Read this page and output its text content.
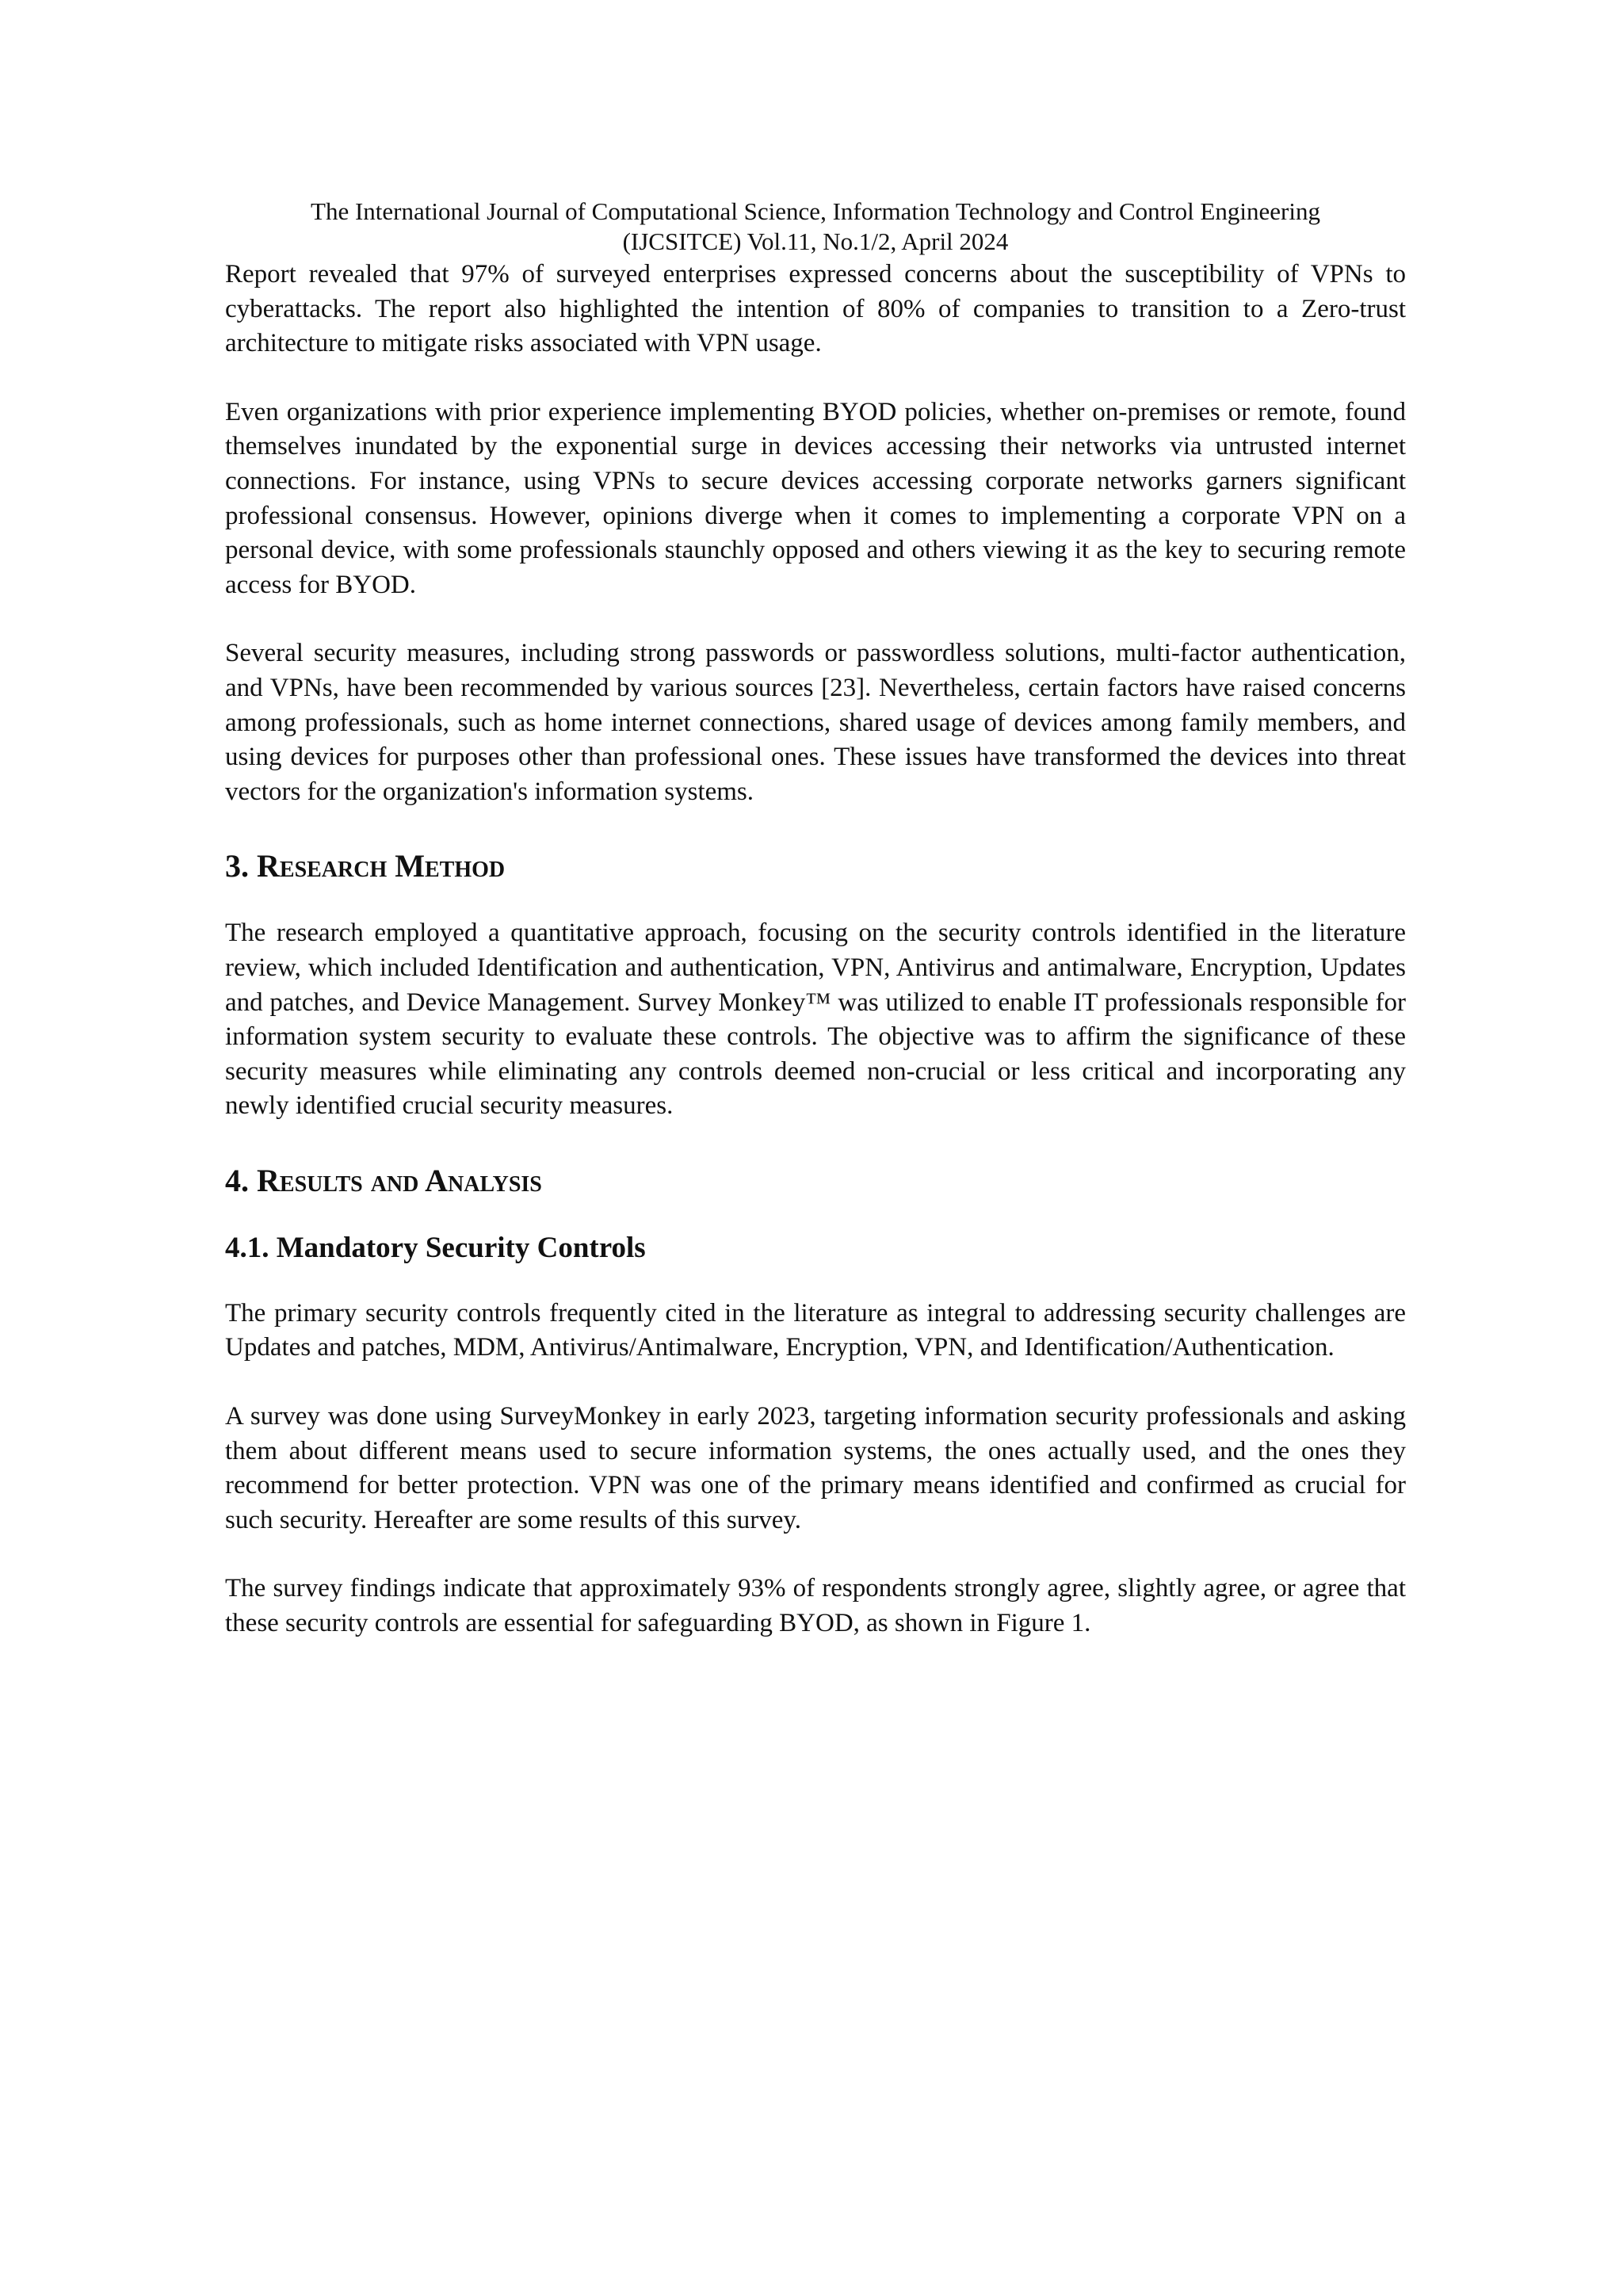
The International Journal of Computational Science, Information Technology and Control Engineering
(IJCSITCE) Vol.11, No.1/2, April 2024

Report revealed that 97% of surveyed enterprises expressed concerns about the susceptibility of VPNs to cyberattacks. The report also highlighted the intention of 80% of companies to transition to a Zero-trust architecture to mitigate risks associated with VPN usage.

Even organizations with prior experience implementing BYOD policies, whether on-premises or remote, found themselves inundated by the exponential surge in devices accessing their networks via untrusted internet connections. For instance, using VPNs to secure devices accessing corporate networks garners significant professional consensus. However, opinions diverge when it comes to implementing a corporate VPN on a personal device, with some professionals staunchly opposed and others viewing it as the key to securing remote access for BYOD.

Several security measures, including strong passwords or passwordless solutions, multi-factor authentication, and VPNs, have been recommended by various sources [23]. Nevertheless, certain factors have raised concerns among professionals, such as home internet connections, shared usage of devices among family members, and using devices for purposes other than professional ones. These issues have transformed the devices into threat vectors for the organization's information systems.

3. Research Method

The research employed a quantitative approach, focusing on the security controls identified in the literature review, which included Identification and authentication, VPN, Antivirus and antimalware, Encryption, Updates and patches, and Device Management. Survey Monkey™ was utilized to enable IT professionals responsible for information system security to evaluate these controls. The objective was to affirm the significance of these security measures while eliminating any controls deemed non-crucial or less critical and incorporating any newly identified crucial security measures.

4. Results and Analysis
4.1. Mandatory Security Controls

The primary security controls frequently cited in the literature as integral to addressing security challenges are Updates and patches, MDM, Antivirus/Antimalware, Encryption, VPN, and Identification/Authentication.

A survey was done using SurveyMonkey in early 2023, targeting information security professionals and asking them about different means used to secure information systems, the ones actually used, and the ones they recommend for better protection. VPN was one of the primary means identified and confirmed as crucial for such security. Hereafter are some results of this survey.

The survey findings indicate that approximately 93% of respondents strongly agree, slightly agree, or agree that these security controls are essential for safeguarding BYOD, as shown in Figure 1.
